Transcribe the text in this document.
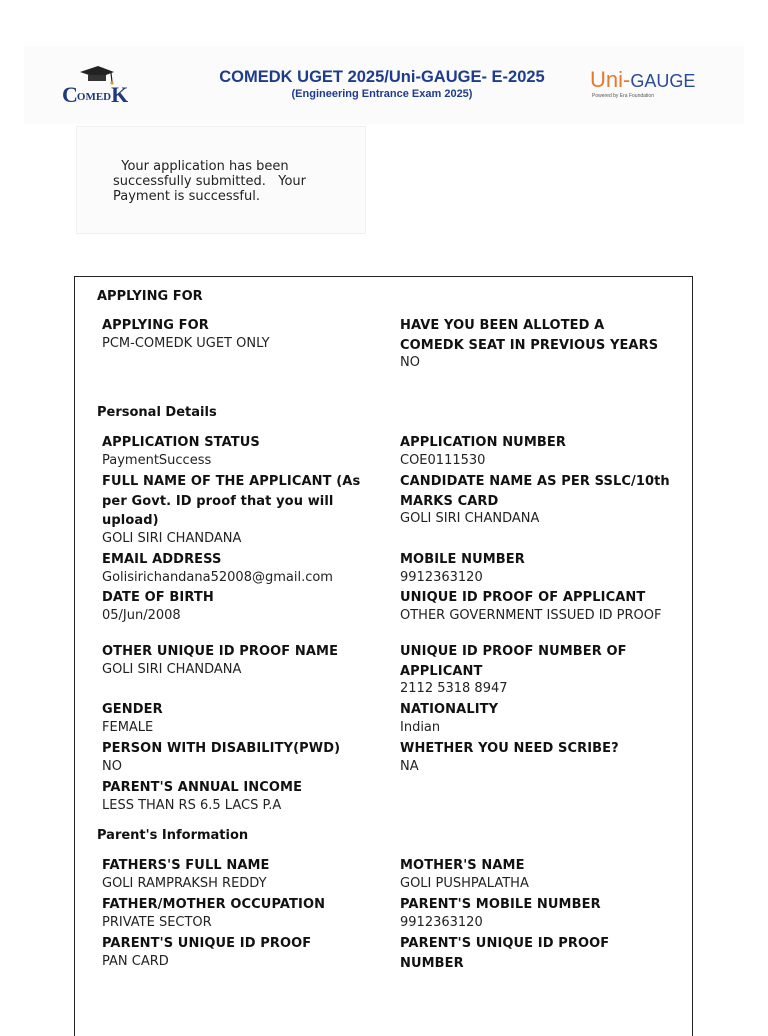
COMEDK
COMEDK UGET 2025/Uni-GAUGE- E-2025
(Engineering Entrance Exam 2025)
Uni-GAUGE
Powered by Era Foundation
Your application has been
successfully submitted.   Your
Payment is successful.
APPLYING FOR
APPLYING FOR
PCM-COMEDK UGET ONLY
HAVE YOU BEEN ALLOTED A COMEDK SEAT IN PREVIOUS YEARS
NO
Personal Details
APPLICATION STATUS
PaymentSuccess
APPLICATION NUMBER
COE0111530
FULL NAME OF THE APPLICANT (As per Govt. ID proof that you will upload)
GOLI SIRI CHANDANA
CANDIDATE NAME AS PER SSLC/10th MARKS CARD
GOLI SIRI CHANDANA
EMAIL ADDRESS
Golisirichandana52008@gmail.com
MOBILE NUMBER
9912363120
DATE OF BIRTH
05/Jun/2008
UNIQUE ID PROOF OF APPLICANT
OTHER GOVERNMENT ISSUED ID PROOF
OTHER UNIQUE ID PROOF NAME
GOLI SIRI CHANDANA
UNIQUE ID PROOF NUMBER OF APPLICANT
2112 5318 8947
GENDER
FEMALE
NATIONALITY
Indian
PERSON WITH DISABILITY(PWD)
NO
WHETHER YOU NEED SCRIBE?
NA
PARENT'S ANNUAL INCOME
LESS THAN RS 6.5 LACS P.A
Parent's Information
FATHERS'S FULL NAME
GOLI RAMPRAKSH REDDY
MOTHER'S NAME
GOLI PUSHPALATHA
FATHER/MOTHER OCCUPATION
PRIVATE SECTOR
PARENT'S MOBILE NUMBER
9912363120
PARENT'S UNIQUE ID PROOF
PAN CARD
PARENT'S UNIQUE ID PROOF NUMBER
